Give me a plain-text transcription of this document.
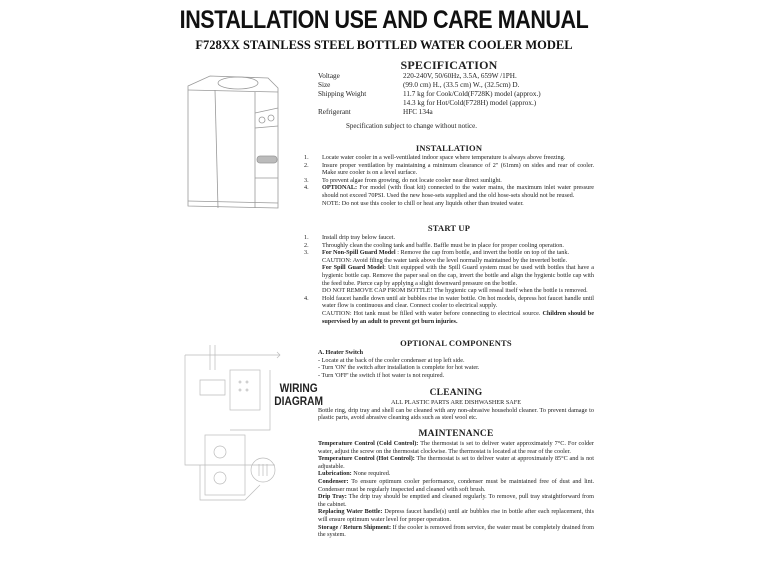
INSTALLATION USE AND CARE MANUAL
F728XX STAINLESS STEEL BOTTLED WATER COOLER MODEL
WIRING
DIAGRAM
SPECIFICATION
Voltage	220-240V, 50/60Hz, 3.5A, 659W /1PH.
Size	(99.0 cm) H., (33.5 cm) W., (32.5cm) D.
Shipping Weight	11.7 kg for Cook/Cold(F728K) model (approx.)
14.3 kg for Hot/Cold(F728H) model (approx.)
Refrigerant	HFC 134a
Specification subject to change without notice.
INSTALLATION
1.	Locate water cooler in a well-ventilated indoor space where temperature is always above freezing.
2.	Insure proper ventilation by maintaining a minimum clearance of 2" (61mm) on sides and rear of cooler. Make sure cooler is on a level surface.
3.	To prevent algae from growing, do not locate cooler near direct sunlight.
4.	OPTIONAL: For model (with float kit) connected to the water mains, the maximum inlet water pressure should not exceed 70PSI. Used the new hose-sets supplied and the old hose-sets should not be reused.
NOTE: Do not use this cooler to chill or heat any liquids other than treated water.
START UP
1.	Install drip tray below faucet.
2.	Throughly clean the cooling tank and baffle. Baffle must be in place for proper cooling operation.
3.	For Non-Spill Guard Model : Remove the cap from bottle, and invert the bottle on top of the tank.
CAUTION: Avoid filing the water tank above the level normally maintained by the inverted bottle.
For Spill Guard Model: Unit equipped with the Spill Guard system must be used with bottles that have a hygienic bottle cap. Remove the paper seal on the cap, invert the bottle and align the hygienic bottle cap with the feed tube. Pierce cap by applying a slight downward pressure on the bottle.
DO NOT REMOVE CAP FROM BOTTLE! The hygienic cap will reseal itself when the bottle is removed.
4.	Hold faucet handle down until air bubbles rise in water bottle. On hot models, depress hot faucet handle until water flow is continuous and clear. Connect cooler to electrical supply.
CAUTION: Hot tank must be filled with water before connecting to electrical source. Children should be supervised by an adult to prevent get burn injuries.
OPTIONAL COMPONENTS
A. Heater Switch
- Locate at the back of the cooler condenser at top left side.
- Turn 'ON' the switch after installation is complete for hot water.
- Turn 'OFF' the switch if hot water is not required.
CLEANING
ALL PLASTIC PARTS ARE DISHWASHER SAFE

Bottle ring, drip tray and shell can be cleaned with any non-abrasive household cleaner. To prevent damage to plastic parts, avoid abrasive cleaning aids such as steel wool etc.

MAINTENANCE

Temperature Control (Cold Control): The thermostat is set to deliver water approximately 7°C. For colder water, adjust the screw on the thermostat clockwise. The thermostat is located at the rear of the cooler.

Temperature Control (Hot Control): The thermostat is set to deliver water at approximately 85°C and is not adjustable.

Lubrication: None required.

Condenser: To ensure optimum cooler performance, condenser must be maintained free of dust and lint. Condenser must be regularly inspected and cleaned with soft brush.

Drip Tray: The drip tray should be emptied and cleaned regularly. To remove, pull tray straightforward from the cabinet.

Replacing Water Bottle: Depress faucet handle(s) until air bubbles rise in bottle after each replacement, this will ensure optimum water level for proper operation.

Storage / Return Shipment: If the cooler is removed from service, the water must be completely drained from the system.
